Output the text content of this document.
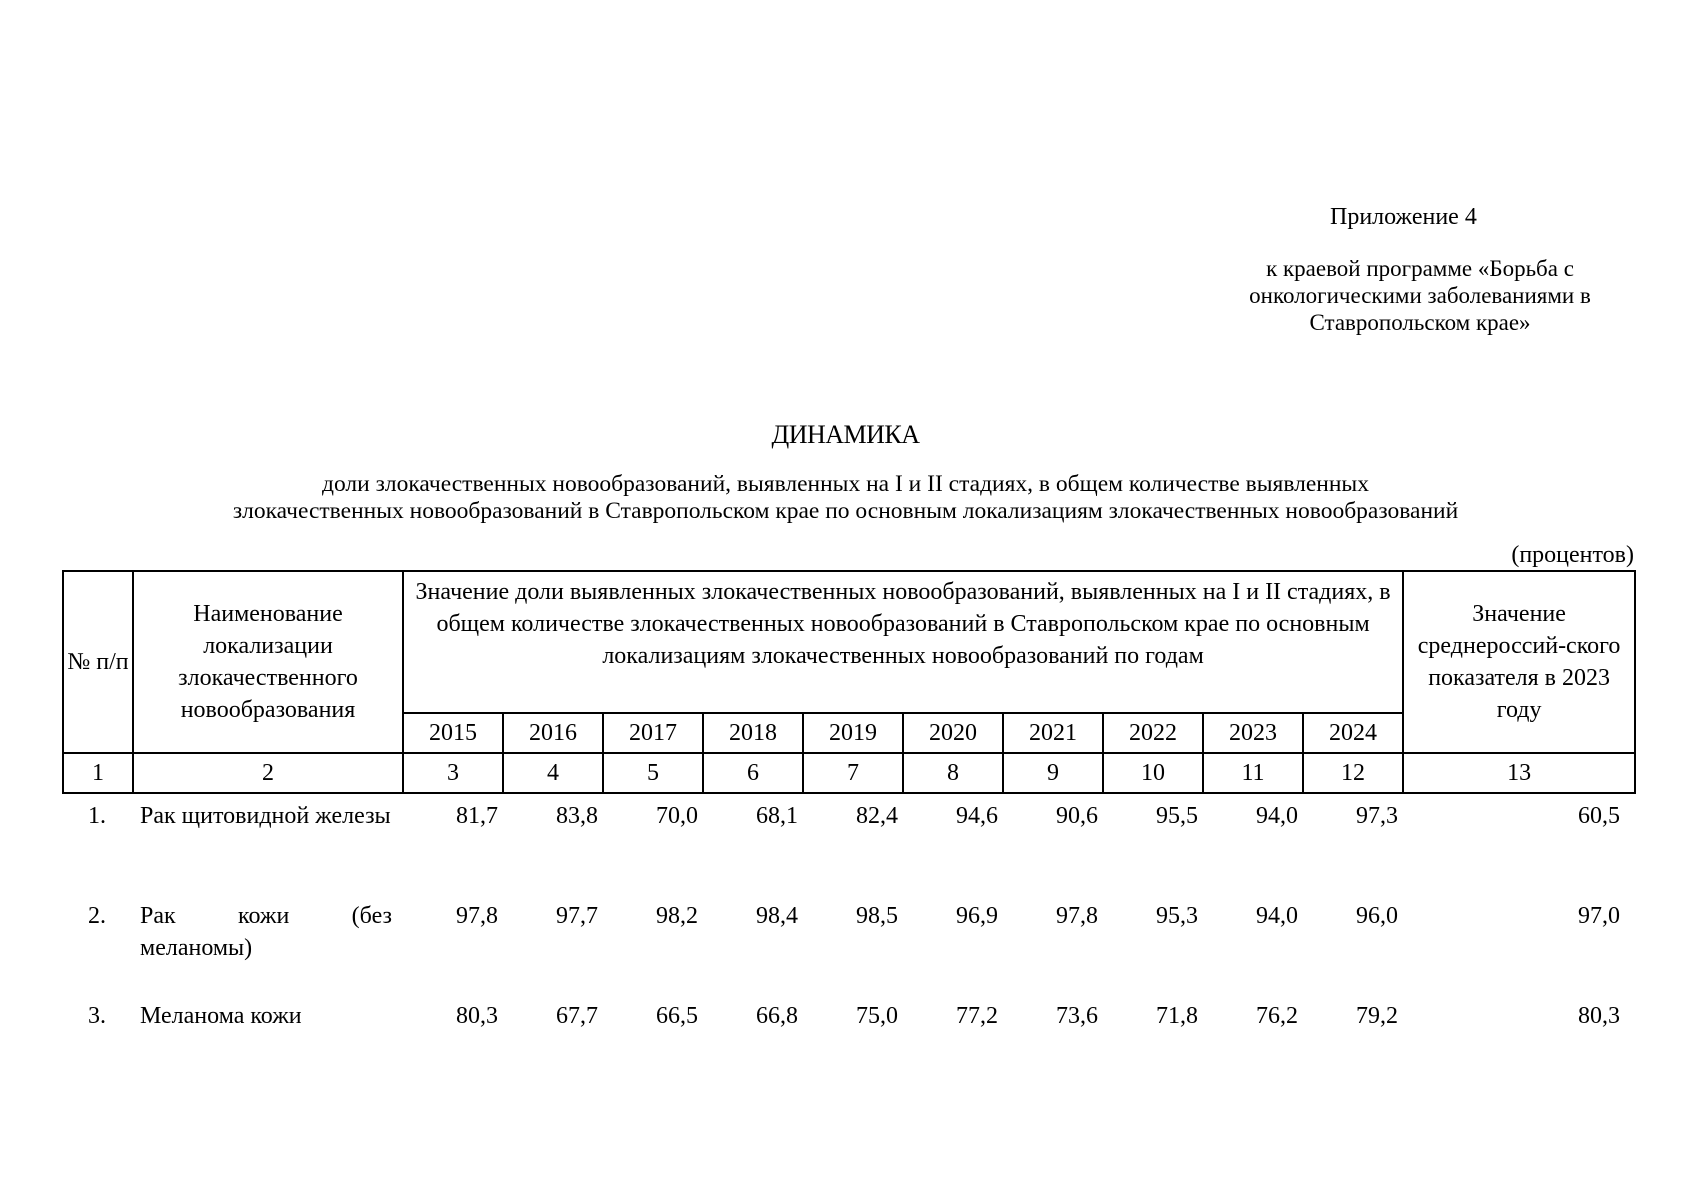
Приложение 4
к краевой программе «Борьба с онкологическими заболеваниями в Ставропольском крае»
ДИНАМИКА
доли злокачественных новообразований, выявленных на I и II стадиях, в общем количестве выявленных
злокачественных новообразований в Ставропольском крае по основным локализациям злокачественных новообразований
(процентов)
№ п/п	Наименование локализации злокачественного новообразования	Значение доли выявленных злокачественных новообразований, выявленных на I и II стадиях, в общем количестве злокачественных новообразований в Ставропольском крае по основным локализациям злокачественных новообразований по годам										Значение среднероссий-ского показателя в 2023 году
		2015	2016	2017	2018	2019	2020	2021	2022	2023	2024	
1	2	3	4	5	6	7	8	9	10	11	12	13
1.	Рак щитовидной железы	81,7	83,8	70,0	68,1	82,4	94,6	90,6	95,5	94,0	97,3	60,5
2.	Рак кожи (без меланомы)	97,8	97,7	98,2	98,4	98,5	96,9	97,8	95,3	94,0	96,0	97,0
3.	Меланома кожи	80,3	67,7	66,5	66,8	75,0	77,2	73,6	71,8	76,2	79,2	80,3
